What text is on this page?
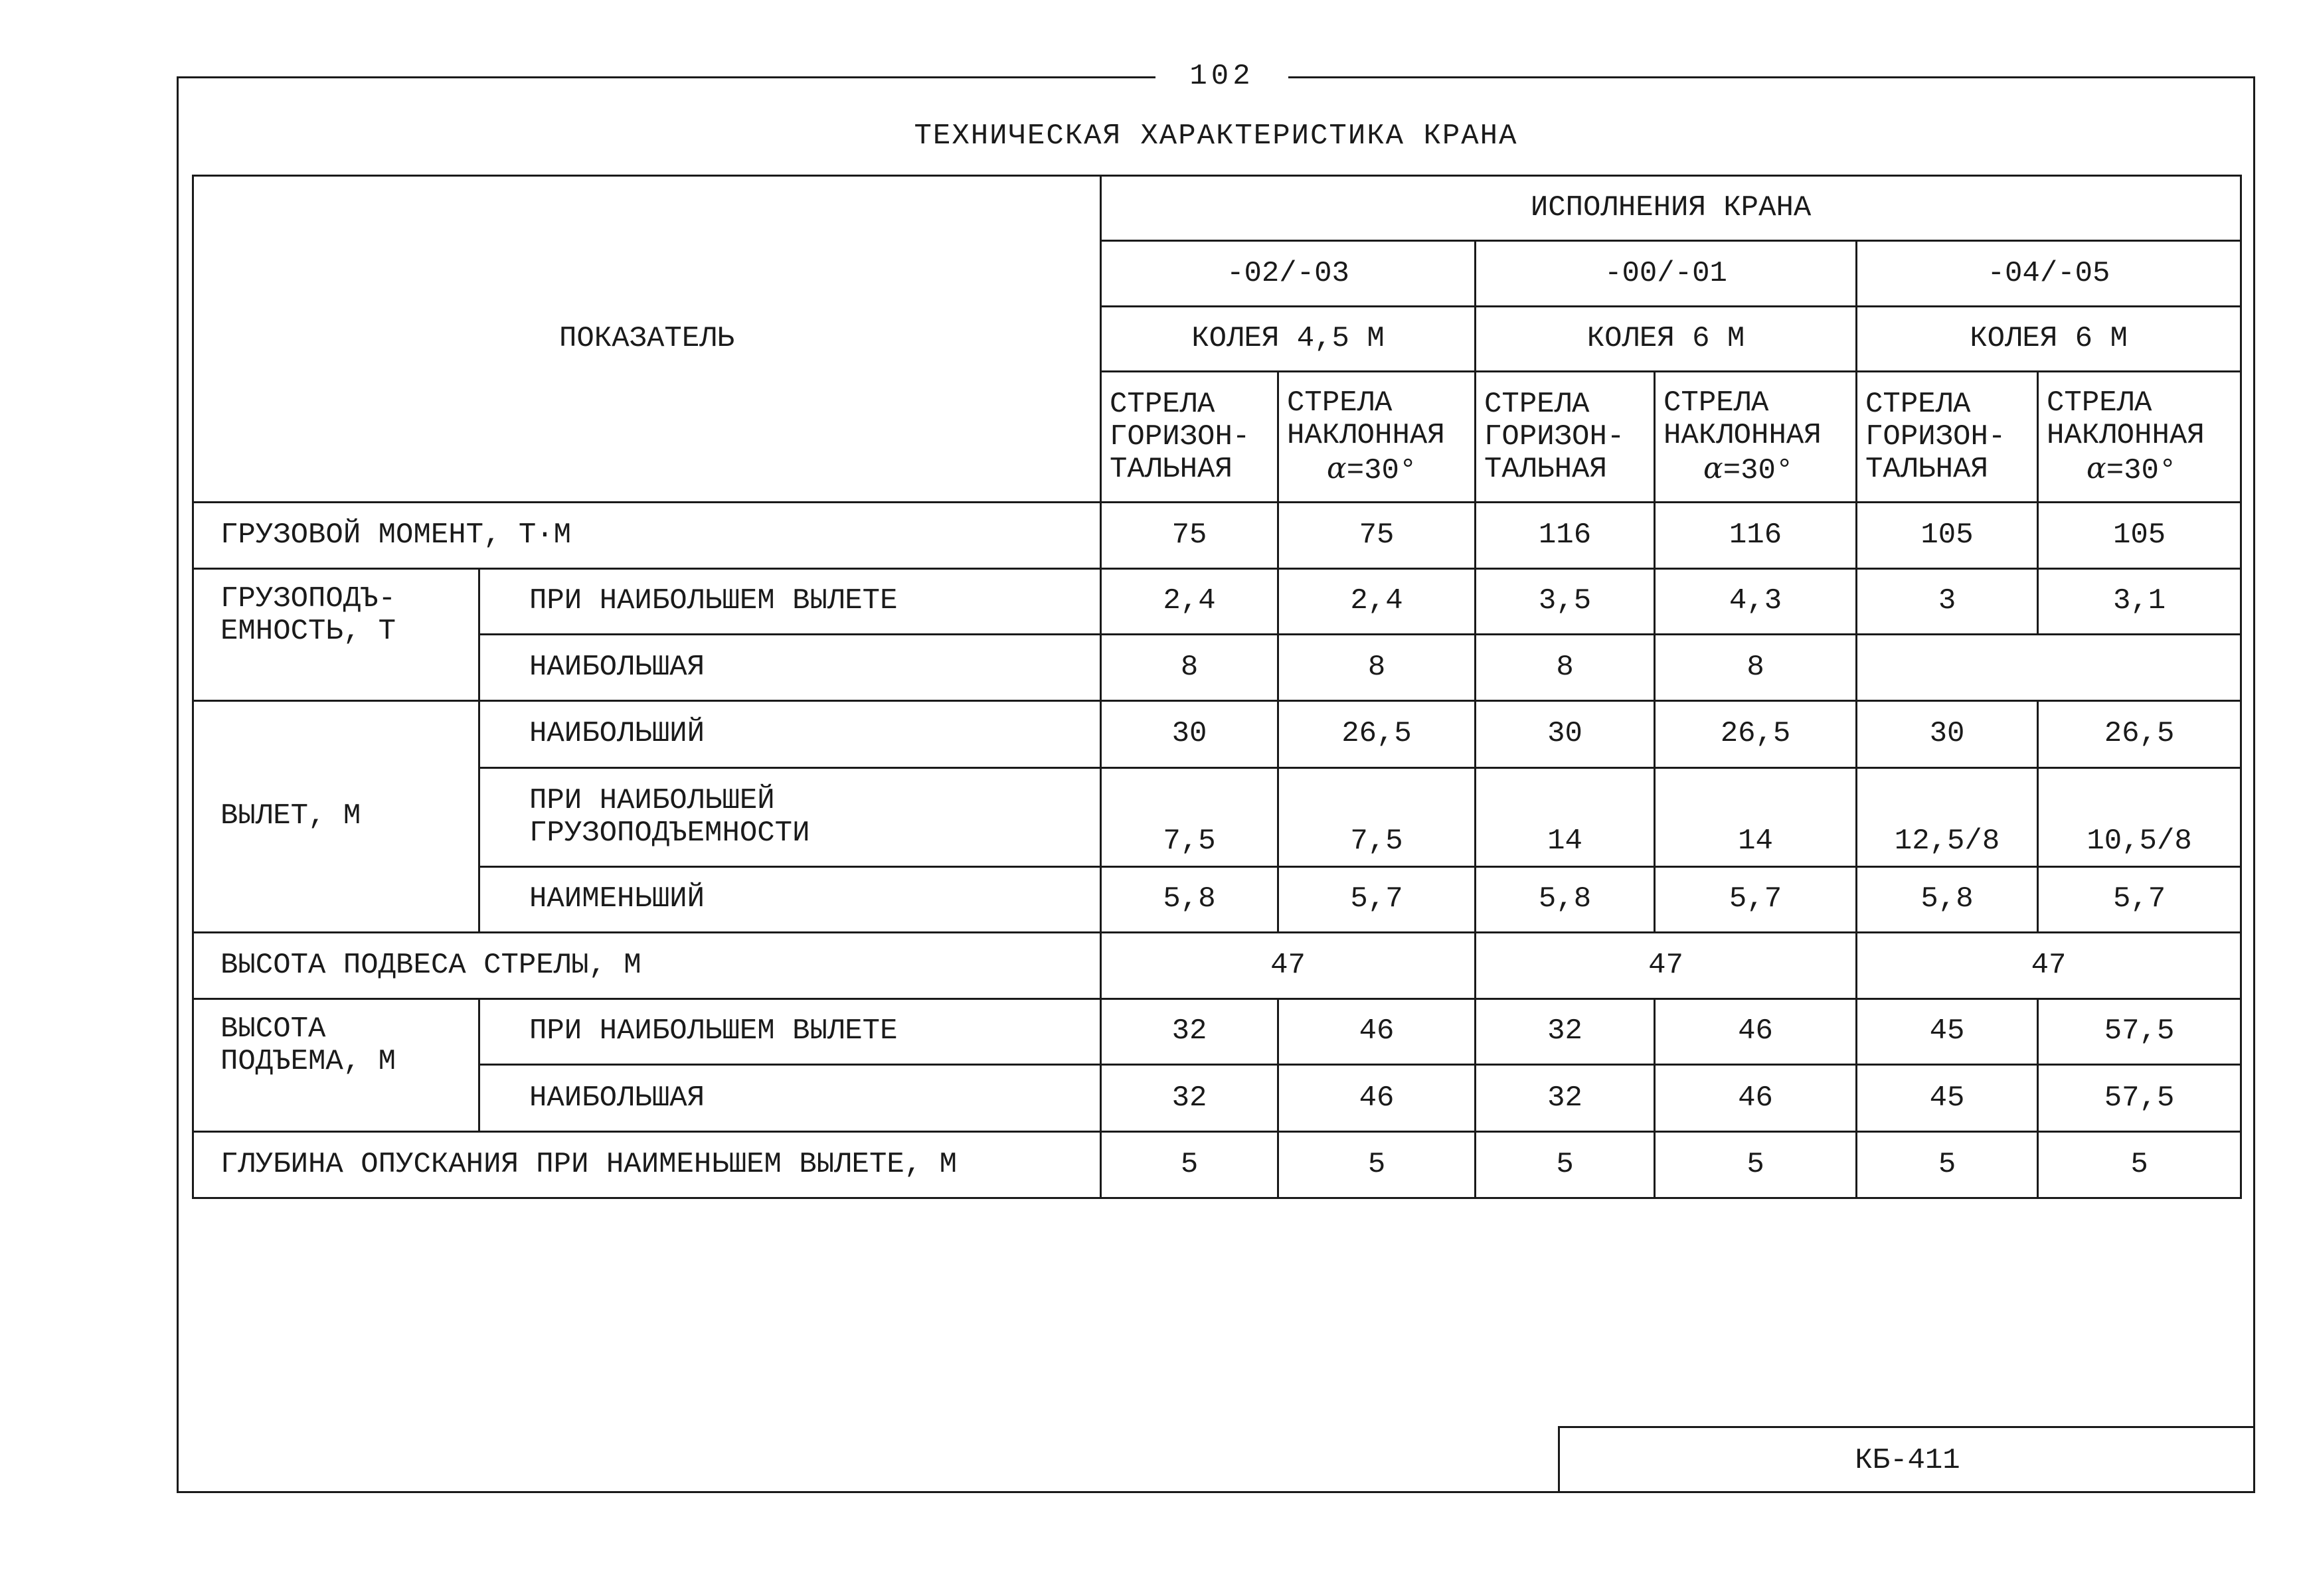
102
ТЕХНИЧЕСКАЯ ХАРАКТЕРИСТИКА КРАНА
ПОКАЗАТЕЛЬ		ИСПОЛНЕНИЯ КРАНА					
		-02/-03		-00/-01		-04/-05	
		КОЛЕЯ 4,5 М		КОЛЕЯ 6 М		КОЛЕЯ 6 М	
		СТРЕЛА
ГОРИЗОН-
ТАЛЬНАЯ	СТРЕЛА
НАКЛОННАЯ
α=30°	СТРЕЛА
ГОРИЗОН-
ТАЛЬНАЯ	СТРЕЛА
НАКЛОННАЯ
α=30°	СТРЕЛА
ГОРИЗОН-
ТАЛЬНАЯ	СТРЕЛА
НАКЛОННАЯ
α=30°
ГРУЗОВОЙ МОМЕНТ, Т·М		75	75	116	116	105	105
ГРУЗОПОДЪ- ЕМНОСТЬ, Т	ПРИ НАИБОЛЬШЕМ ВЫЛЕТЕ	2,4	2,4	3,5	4,3	3	3,1
	НАИБОЛЬШАЯ	8	8	8	8		
ВЫЛЕТ, М	НАИБОЛЬШИЙ	30	26,5	30	26,5	30	26,5
	ПРИ НАИБОЛЬШЕЙ ГРУЗОПОДЪЕМНОСТИ	7,5	7,5	14	14	12,5/8	10,5/8
	НАИМЕНЬШИЙ	5,8	5,7	5,8	5,7	5,8	5,7
ВЫСОТА ПОДВЕСА СТРЕЛЫ, М		47		47		47	
ВЫСОТА ПОДЪЕМА, М	ПРИ НАИБОЛЬШЕМ ВЫЛЕТЕ	32	46	32	46	45	57,5
	НАИБОЛЬШАЯ	32	46	32	46	45	57,5
ГЛУБИНА ОПУСКАНИЯ ПРИ НАИМЕНЬШЕМ ВЫЛЕТЕ, М		5	5	5	5	5	5
КБ-411
